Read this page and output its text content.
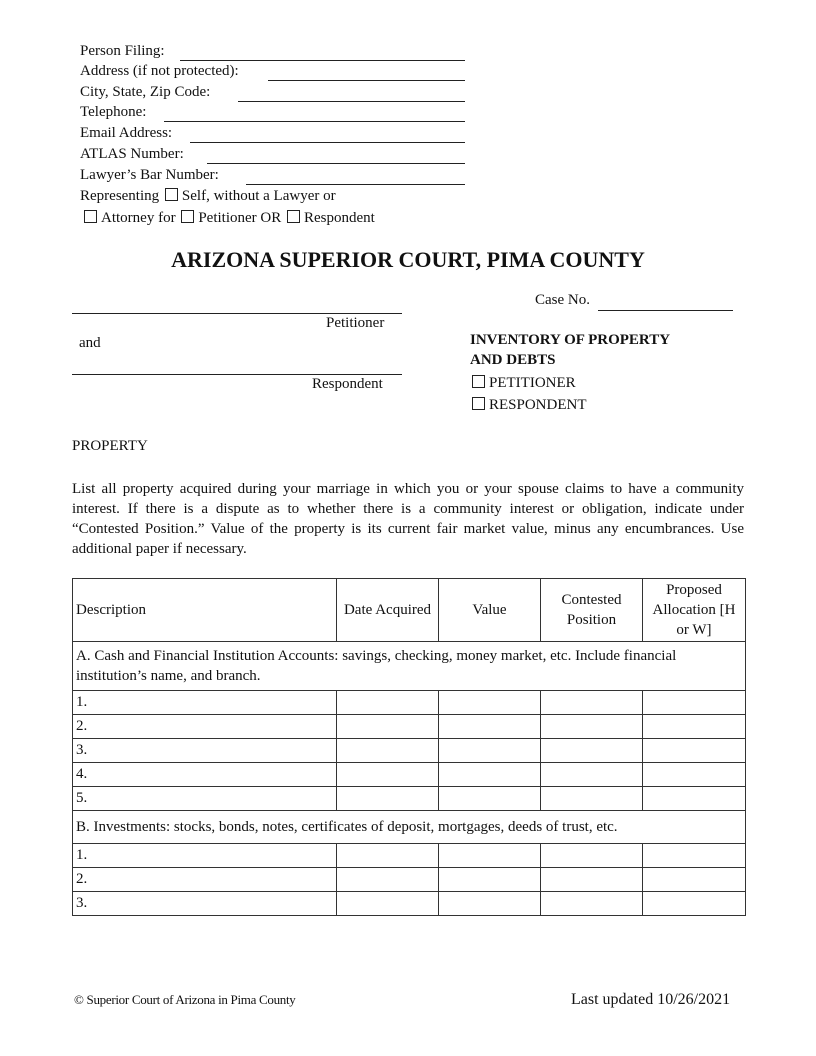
Person Filing:
Address (if not protected):
City, State, Zip Code:
Telephone:
Email Address:
ATLAS Number:
Lawyer’s Bar Number:
Representing Self, without a Lawyer or
Attorney for Petitioner OR Respondent
ARIZONA SUPERIOR COURT, PIMA COUNTY
Case No.
Petitioner
and
Respondent
INVENTORY OF PROPERTY
AND DEBTS
PETITIONER
RESPONDENT
PROPERTY
List all property acquired during your marriage in which you or your spouse claims to have a community interest. If there is a dispute as to whether there is a community interest or obligation, indicate under “Contested Position.” Value of the property is its current fair market value, minus any encumbrances. Use additional paper if necessary.
Description	Date Acquired	Value	Contested Position	Proposed Allocation [H or W]
A. Cash and Financial Institution Accounts: savings, checking, money market, etc. Include financial institution’s name, and branch.				
1.				
2.				
3.				
4.				
5.				
B. Investments: stocks, bonds, notes, certificates of deposit, mortgages, deeds of trust, etc.				
1.				
2.				
3.				
© Superior Court of Arizona in Pima County	Last updated 10/26/2021
